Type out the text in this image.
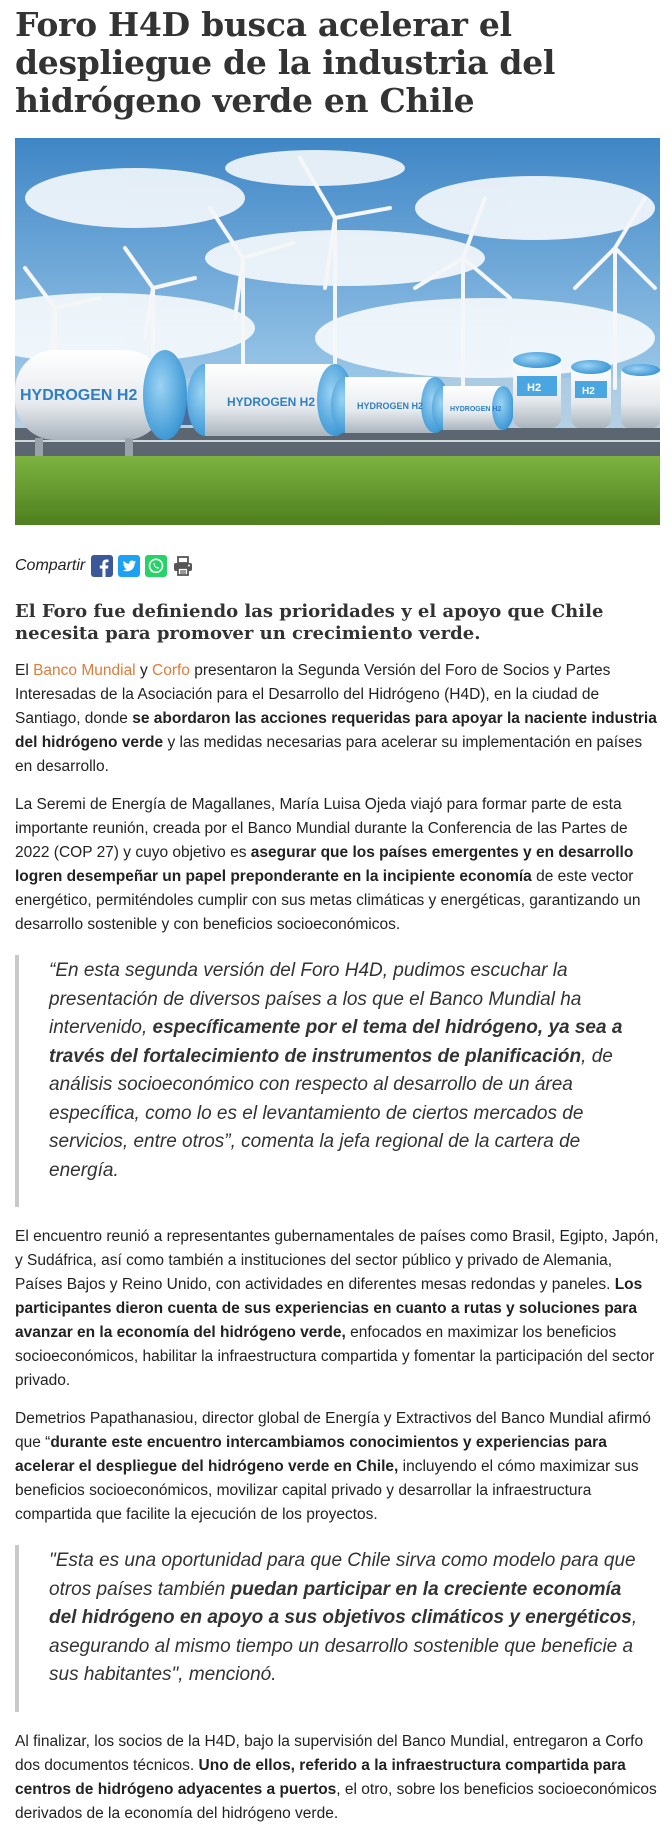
Foro H4D busca acelerar el despliegue de la industria del hidrógeno verde en Chile
HYDROGEN H2	HYDROGEN H2	HYDROGEN H2	HYDROGEN H2
H2	H2
Compartir
El Foro fue definiendo las prioridades y el apoyo que Chile necesita para promover un crecimiento verde.

El Banco Mundial y Corfo presentaron la Segunda Versión del Foro de Socios y Partes Interesadas de la Asociación para el Desarrollo del Hidrógeno (H4D), en la ciudad de Santiago, donde se abordaron las acciones requeridas para apoyar la naciente industria del hidrógeno verde y las medidas necesarias para acelerar su implementación en países en desarrollo.

La Seremi de Energía de Magallanes, María Luisa Ojeda viajó para formar parte de esta importante reunión, creada por el Banco Mundial durante la Conferencia de las Partes de 2022 (COP 27) y cuyo objetivo es asegurar que los países emergentes y en desarrollo logren desempeñar un papel preponderante en la incipiente economía de este vector energético, permiténdoles cumplir con sus metas climáticas y energéticas, garantizando un desarrollo sostenible y con beneficios socioeconómicos.

“En esta segunda versión del Foro H4D, pudimos escuchar la presentación de diversos países a los que el Banco Mundial ha intervenido, específicamente por el tema del hidrógeno, ya sea a través del fortalecimiento de instrumentos de planificación, de análisis socioeconómico con respecto al desarrollo de un área específica, como lo es el levantamiento de ciertos mercados de servicios, entre otros”, comenta la jefa regional de la cartera de energía.

El encuentro reunió a representantes gubernamentales de países como Brasil, Egipto, Japón, y Sudáfrica, así como también a instituciones del sector público y privado de Alemania, Países Bajos y Reino Unido, con actividades en diferentes mesas redondas y paneles. Los participantes dieron cuenta de sus experiencias en cuanto a rutas y soluciones para avanzar en la economía del hidrógeno verde, enfocados en maximizar los beneficios socioeconómicos, habilitar la infraestructura compartida y fomentar la participación del sector privado.

Demetrios Papathanasiou, director global de Energía y Extractivos del Banco Mundial afirmó que “durante este encuentro intercambiamos conocimientos y experiencias para acelerar el despliegue del hidrógeno verde en Chile, incluyendo el cómo maximizar sus beneficios socioeconómicos, movilizar capital privado y desarrollar la infraestructura compartida que facilite la ejecución de los proyectos.

"Esta es una oportunidad para que Chile sirva como modelo para que otros países también puedan participar en la creciente economía del hidrógeno en apoyo a sus objetivos climáticos y energéticos, asegurando al mismo tiempo un desarrollo sostenible que beneficie a sus habitantes", mencionó.

Al finalizar, los socios de la H4D, bajo la supervisión del Banco Mundial, entregaron a Corfo dos documentos técnicos. Uno de ellos, referido a la infraestructura compartida para centros de hidrógeno adyacentes a puertos, el otro, sobre los beneficios socioeconómicos derivados de la economía del hidrógeno verde.
